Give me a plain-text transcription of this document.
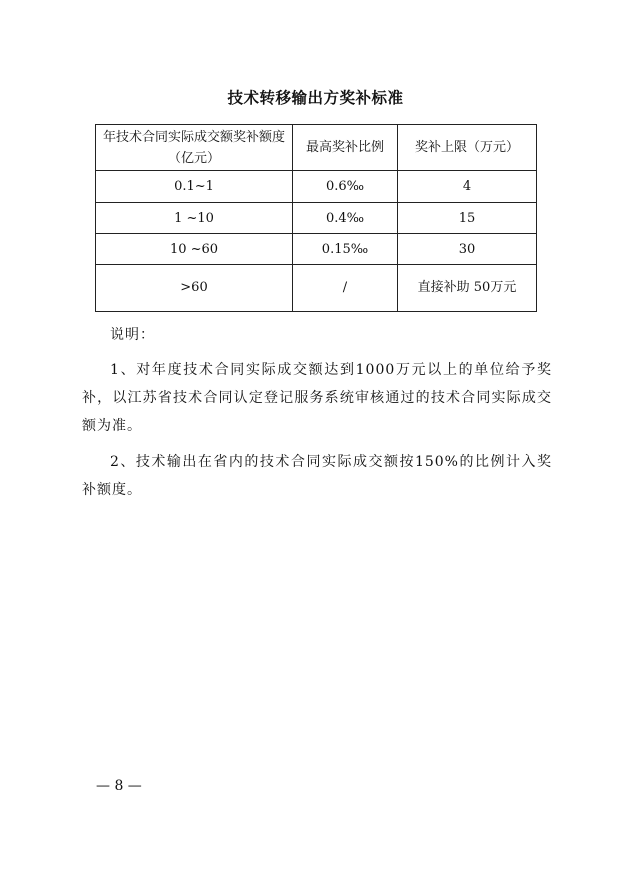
技术转移输出方奖补标准
年技术合同实际成交额奖补额度（亿元）	最高奖补比例	奖补上限（万元）
0.1~1	0.6‰	4
1 ~10	0.4‰	15
10 ~60	0.15‰	30
>60	/	直接补助 50万元
说明：
1、对年度技术合同实际成交额达到1000万元以上的单位给予奖补，以江苏省技术合同认定登记服务系统审核通过的技术合同实际成交额为准。
2、技术输出在省内的技术合同实际成交额按150%的比例计入奖补额度。
— 8 —
